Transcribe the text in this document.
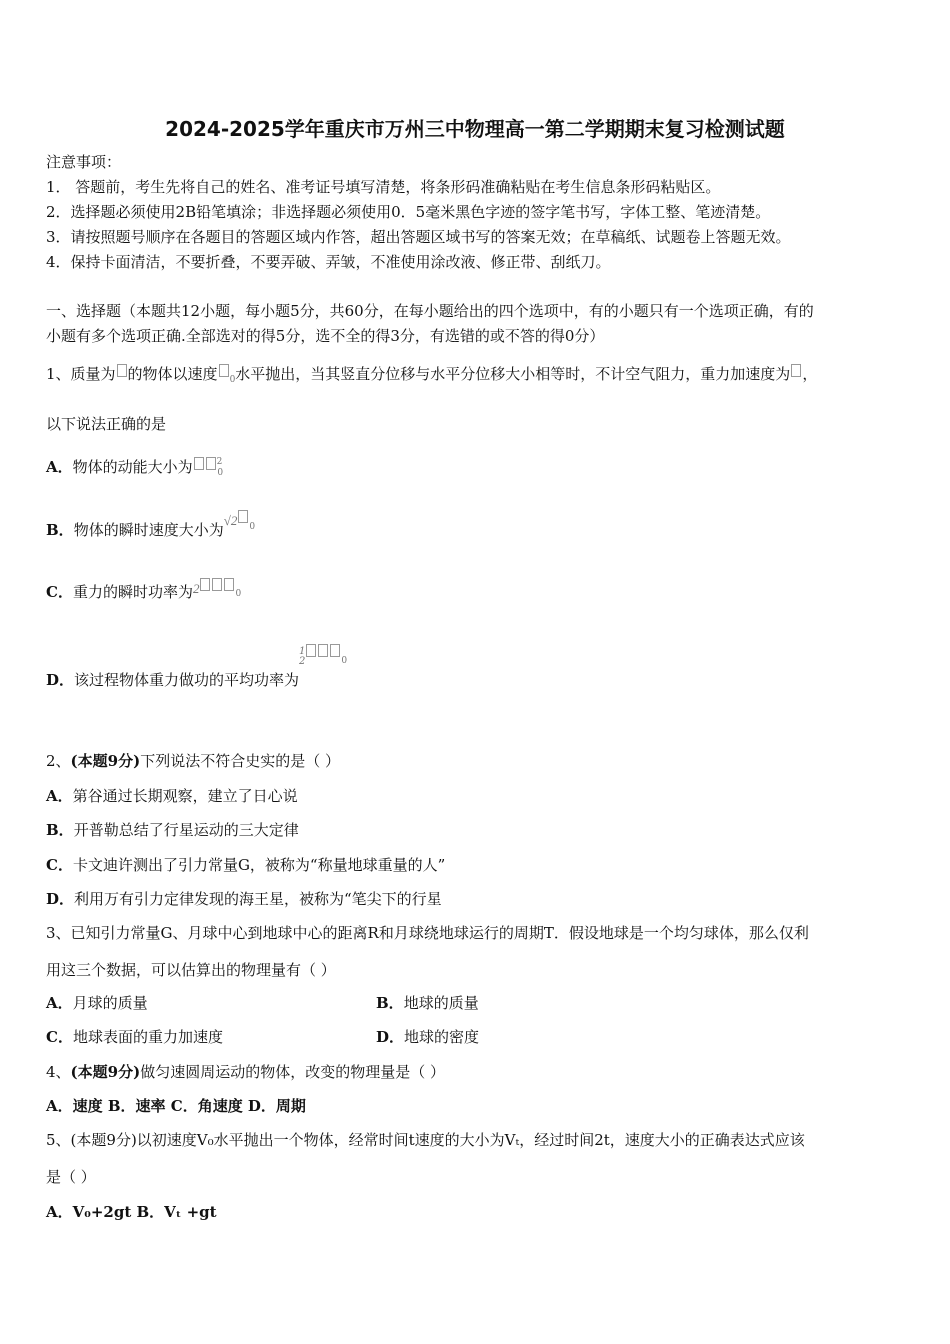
2024-2025学年重庆市万州三中物理高一第二学期期末复习检测试题
注意事项：
1． 答题前，考生先将自己的姓名、准考证号填写清楚，将条形码准确粘贴在考生信息条形码粘贴区。
2．选择题必须使用2B铅笔填涂；非选择题必须使用0．5毫米黑色字迹的签字笔书写，字体工整、笔迹清楚。
3．请按照题号顺序在各题目的答题区域内作答，超出答题区域书写的答案无效；在草稿纸、试题卷上答题无效。
4．保持卡面清洁，不要折叠，不要弄破、弄皱，不准使用涂改液、修正带、刮纸刀。
一、选择题（本题共12小题，每小题5分，共60分，在每小题给出的四个选项中，有的小题只有一个选项正确，有的
小题有多个选项正确.全部选对的得5分，选不全的得3分，有选错的或不答的得0分）
1、质量为 的物体以速度 $_0$水平抛出，当其竖直分位移与水平分位移大小相等时，不计空气阻力，重力加速度为 ，
以下说法正确的是
A．物体的动能大小为	$^2_0$
B．物体的瞬时速度大小为√2 $^0$
C．重力的瞬时功率为2	0
D．该过程物体重力做功的平均功率为1
2	$^0$
2、(本题9分)下列说法不符合史实的是（ ）
A．第谷通过长期观察，建立了日心说
B．开普勒总结了行星运动的三大定律
C．卡文迪许测出了引力常量G，被称为“称量地球重量的人”
D．利用万有引力定律发现的海王星，被称为“笔尖下的行星
3、已知引力常量G、月球中心到地球中心的距离R和月球绕地球运行的周期T．假设地球是一个均匀球体，那么仅利
用这三个数据，可以估算出的物理量有（ ）
A．月球的质量	B．地球的质量
C．地球表面的重力加速度	D．地球的密度
4、(本题9分)做匀速圆周运动的物体，改变的物理量是（ ）
A．速度 B．速率 C．角速度 D．周期
5、(本题9分)以初速度V₀水平抛出一个物体，经常时间t速度的大小为Vₜ，经过时间2t，速度大小的正确表达式应该
是（ ）
A．V₀+2gt B．Vₜ +gt
